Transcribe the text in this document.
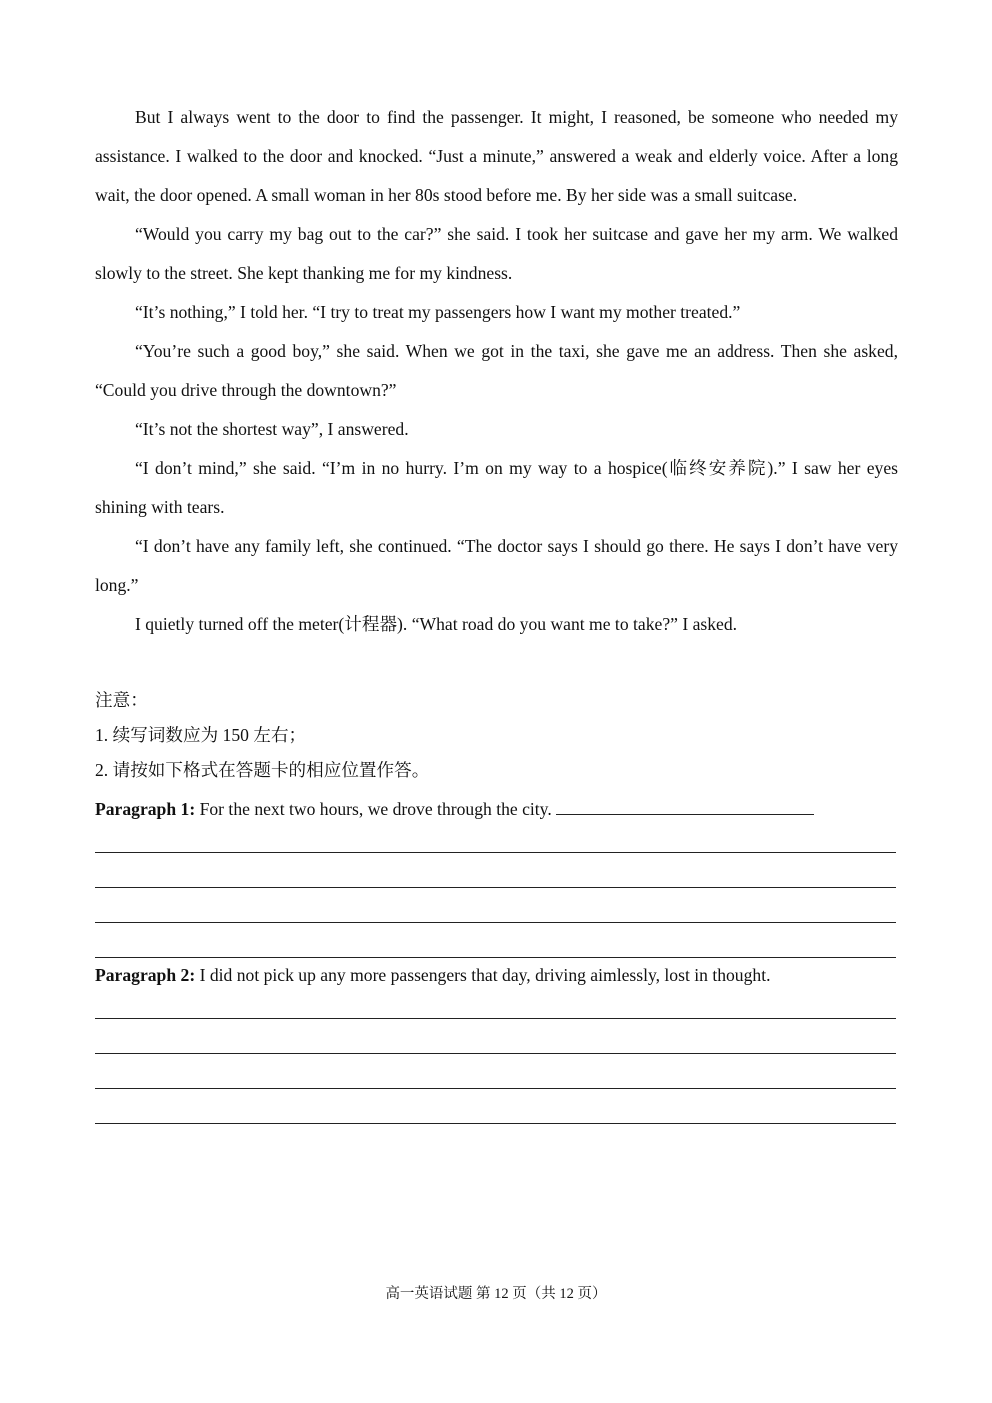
But I always went to the door to find the passenger. It might, I reasoned, be someone who needed my assistance. I walked to the door and knocked. “Just a minute,” answered a weak and elderly voice. After a long wait, the door opened. A small woman in her 80s stood before me. By her side was a small suitcase.

“Would you carry my bag out to the car?” she said. I took her suitcase and gave her my arm. We walked slowly to the street. She kept thanking me for my kindness.

“It’s nothing,” I told her. “I try to treat my passengers how I want my mother treated.”

“You’re such a good boy,” she said. When we got in the taxi, she gave me an address. Then she asked, “Could you drive through the downtown?”

“It’s not the shortest way”, I answered.

“I don’t mind,” she said. “I’m in no hurry. I’m on my way to a hospice(临终安养院).” I saw her eyes shining with tears.

“I don’t have any family left, she continued. “The doctor says I should go there. He says I don’t have very long.”

I quietly turned off the meter(计程器). “What road do you want me to take?” I asked.

注意：
1. 续写词数应为 150 左右；
2. 请按如下格式在答题卡的相应位置作答。
Paragraph 1: For the next two hours, we drove through the city.
Paragraph 2: I did not pick up any more passengers that day, driving aimlessly, lost in thought.
高一英语试题 第 12 页（共 12 页）
